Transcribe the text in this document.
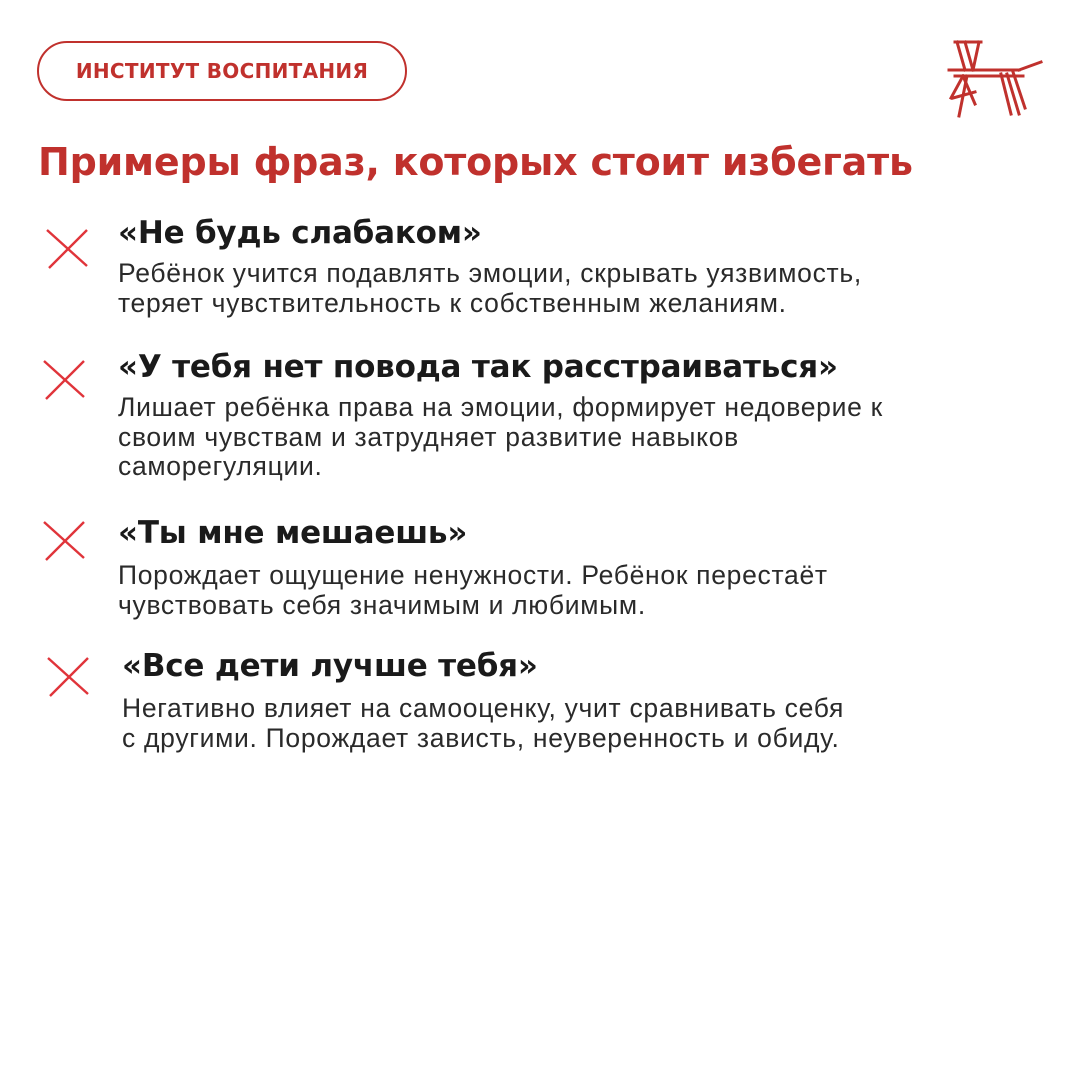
ИНСТИТУТ ВОСПИТАНИЯ
Примеры фраз, которых стоит избегать

«Не будь слабаком»

Ребёнок учится подавлять эмоции, скрывать уязвимость,
теряет чувствительность к собственным желаниям.

«У тебя нет повода так расстраиваться»

Лишает ребёнка права на эмоции, формирует недоверие к
своим чувствам и затрудняет развитие навыков
саморегуляции.

«Ты мне мешаешь»

Порождает ощущение ненужности. Ребёнок перестаёт
чувствовать себя значимым и любимым.

«Все дети лучше тебя»

Негативно влияет на самооценку, учит сравнивать себя
с другими. Порождает зависть, неуверенность и обиду.
